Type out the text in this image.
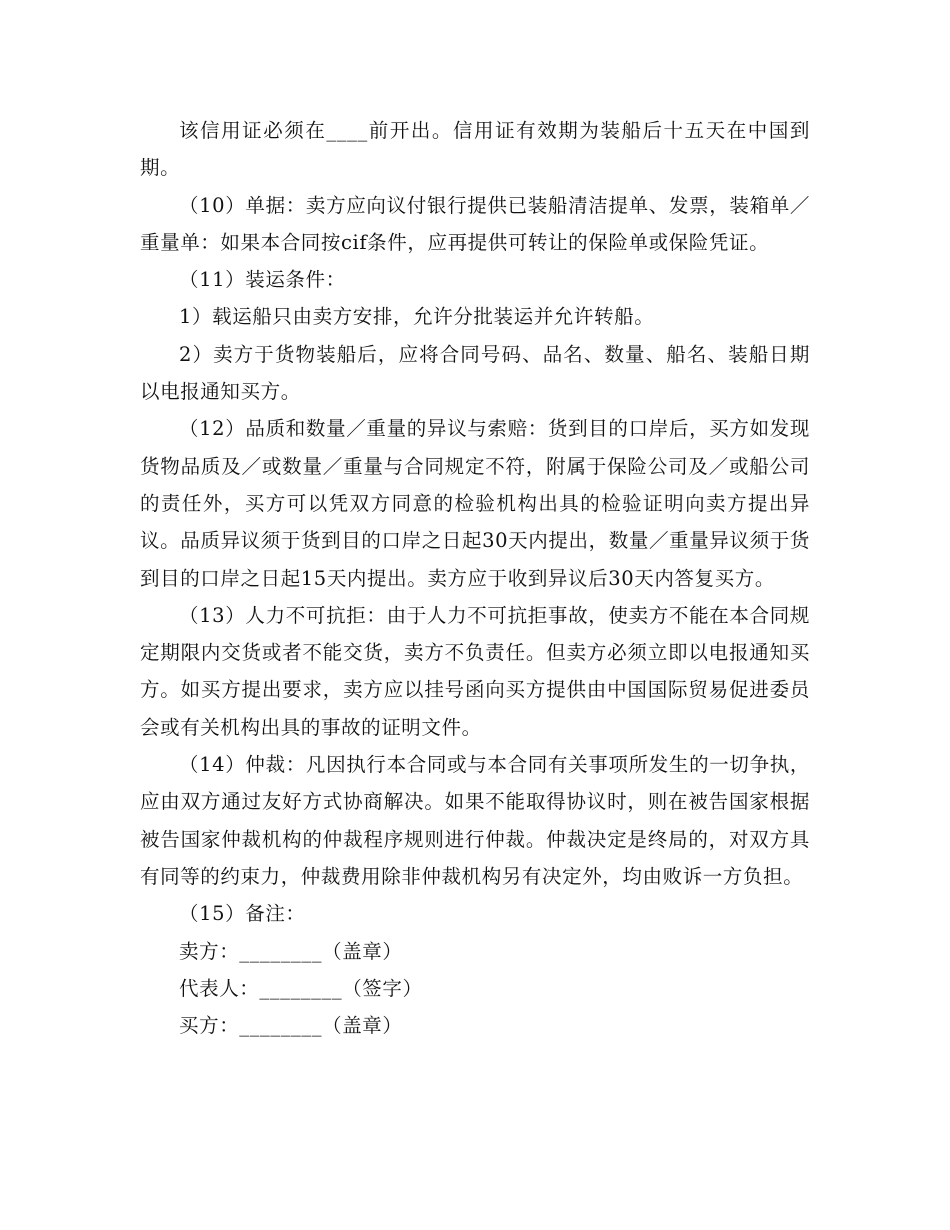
该信用证必须在____前开出。信用证有效期为装船后十五天在中国到期。

（10）单据：卖方应向议付银行提供已装船清洁提单、发票，装箱单／重量单：如果本合同按cif条件，应再提供可转让的保险单或保险凭证。

（11）装运条件：

1）载运船只由卖方安排，允许分批装运并允许转船。

2）卖方于货物装船后，应将合同号码、品名、数量、船名、装船日期以电报通知买方。

（12）品质和数量／重量的异议与索赔：货到目的口岸后，买方如发现货物品质及／或数量／重量与合同规定不符，附属于保险公司及／或船公司的责任外，买方可以凭双方同意的检验机构出具的检验证明向卖方提出异议。品质异议须于货到目的口岸之日起30天内提出，数量／重量异议须于货到目的口岸之日起15天内提出。卖方应于收到异议后30天内答复买方。

（13）人力不可抗拒：由于人力不可抗拒事故，使卖方不能在本合同规定期限内交货或者不能交货，卖方不负责任。但卖方必须立即以电报通知买方。如买方提出要求，卖方应以挂号函向买方提供由中国国际贸易促进委员会或有关机构出具的事故的证明文件。

（14）仲裁：凡因执行本合同或与本合同有关事项所发生的一切争执，应由双方通过友好方式协商解决。如果不能取得协议时，则在被告国家根据被告国家仲裁机构的仲裁程序规则进行仲裁。仲裁决定是终局的，对双方具有同等的约束力，仲裁费用除非仲裁机构另有决定外，均由败诉一方负担。

（15）备注：

卖方：________（盖章）

代表人：________（签字）

买方：________（盖章）
